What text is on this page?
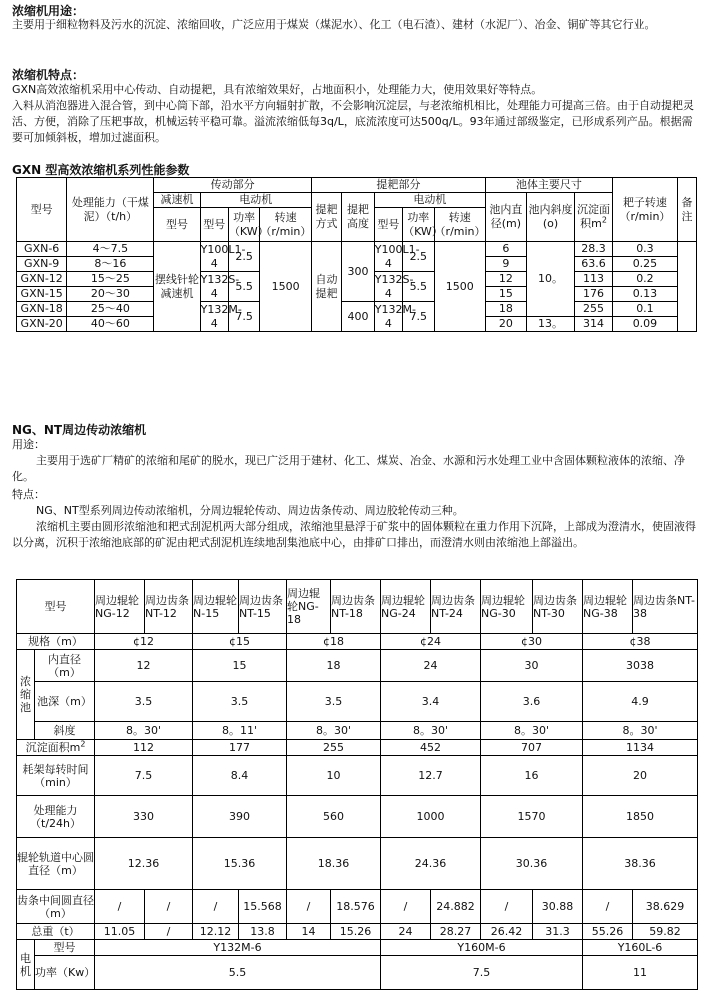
浓缩机用途：
主要用于细粒物料及污水的沉淀、浓缩回收，广泛应用于煤炭（煤泥水）、化工（电石渣）、建材（水泥厂）、冶金、铜矿等其它行业。
浓缩机特点：
GXN高效浓缩机采用中心传动、自动提耙，具有浓缩效果好，占地面积小，处理能力大，使用效果好等特点。
入料从消泡器进入混合管，到中心筒下部，沿水平方向辐射扩散，不会影响沉淀层，与老浓缩机相比，处理能力可提高三倍。由于自动提耙灵活、方便，消除了压耙事故，机械运转平稳可靠。溢流浓缩低每3q/L，底流浓度可达500q/L。93年通过部级鉴定，已形成系列产品。根据需要可加倾斜板，增加过滤面积。
GXN 型高效浓缩机系列性能参数
型号	处理能力（干煤泥）（t/h）	传动部分				提耙部分					池体主要尺寸			耙子转速（r/min）	备注
		减速机	电动机			提耙方式	提耙高度	电动机			池内直径(m)	池内斜度(o)	沉淀面积$m^2$
		型号	型号	功率（KW）	转速（r/min）			型号	功率（KW）	转速（r/min）					
GXN-6	4～7.5	摆线针轮减速机	Y100L1-4	2.5	1500	自动提耙	300	Y100L1-4	2.5	1500	6	10。	28.3	0.3	
GXN-9	8～16										9		63.6	0.25	
GXN-12	15～25		Y132S-4	5.5				Y132S-4	5.5		12		113	0.2	
GXN-15	20～30										15		176	0.13	
GXN-18	25～40		Y132M-4	7.5			400	Y132M-4	7.5		18		255	0.1	
GXN-20	40～60										20	13。	314	0.09	
NG、NT周边传动浓缩机
用途：
主要用于选矿厂精矿的浓缩和尾矿的脱水，现已广泛用于建材、化工、煤炭、冶金、水源和污水处理工业中含固体颗粒液体的浓缩、净化。
特点：
NG、NT型系列周边传动浓缩机，分周边辊轮传动、周边齿条传动、周边胶轮传动三种。
浓缩机主要由圆形浓缩池和耙式刮泥机两大部分组成，浓缩池里悬浮于矿浆中的固体颗粒在重力作用下沉降，上部成为澄清水，使固液得以分离，沉积于浓缩池底部的矿泥由耙式刮泥机连续地刮集池底中心，由排矿口排出，而澄清水则由浓缩池上部溢出。
型号		周边辊轮NG-12	周边齿条NT-12	周边辊轮N-15	周边齿条NT-15	周边辊轮NG-18	周边齿条NT-18	周边辊轮NG-24	周边齿条NT-24	周边辊轮NG-30	周边齿条NT-30	周边辊轮NG-38	周边齿条NT-38
规格（m）		¢12		¢15		¢18		¢24		¢30		¢38	
浓缩池	内直径（m）	12		15		18		24		30		3038	
	池深（m）	3.5		3.5		3.5		3.4		3.6		4.9	
	斜度	8。30'		8。11'		8。30'		8。30'		8。30'		8。30'	
沉淀面积$m^2$		112		177		255		452		707		1134	
耗架每转时间（min）		7.5		8.4		10		12.7		16		20	
处理能力（t/24h）		330		390		560		1000		1570		1850	
辊轮轨道中心圆直径（m）		12.36		15.36		18.36		24.36		30.36		38.36	
齿条中间圆直径（m）		/	/	/	15.568	/	18.576	/	24.882	/	30.88	/	38.629
总重（t）		11.05	/	12.12	13.8	14	15.26	24	28.27	26.42	31.3	55.26	59.82
电机	型号	Y132M-6						Y160M-6				Y160L-6	
	功率（Kw）	5.5						7.5				11	
